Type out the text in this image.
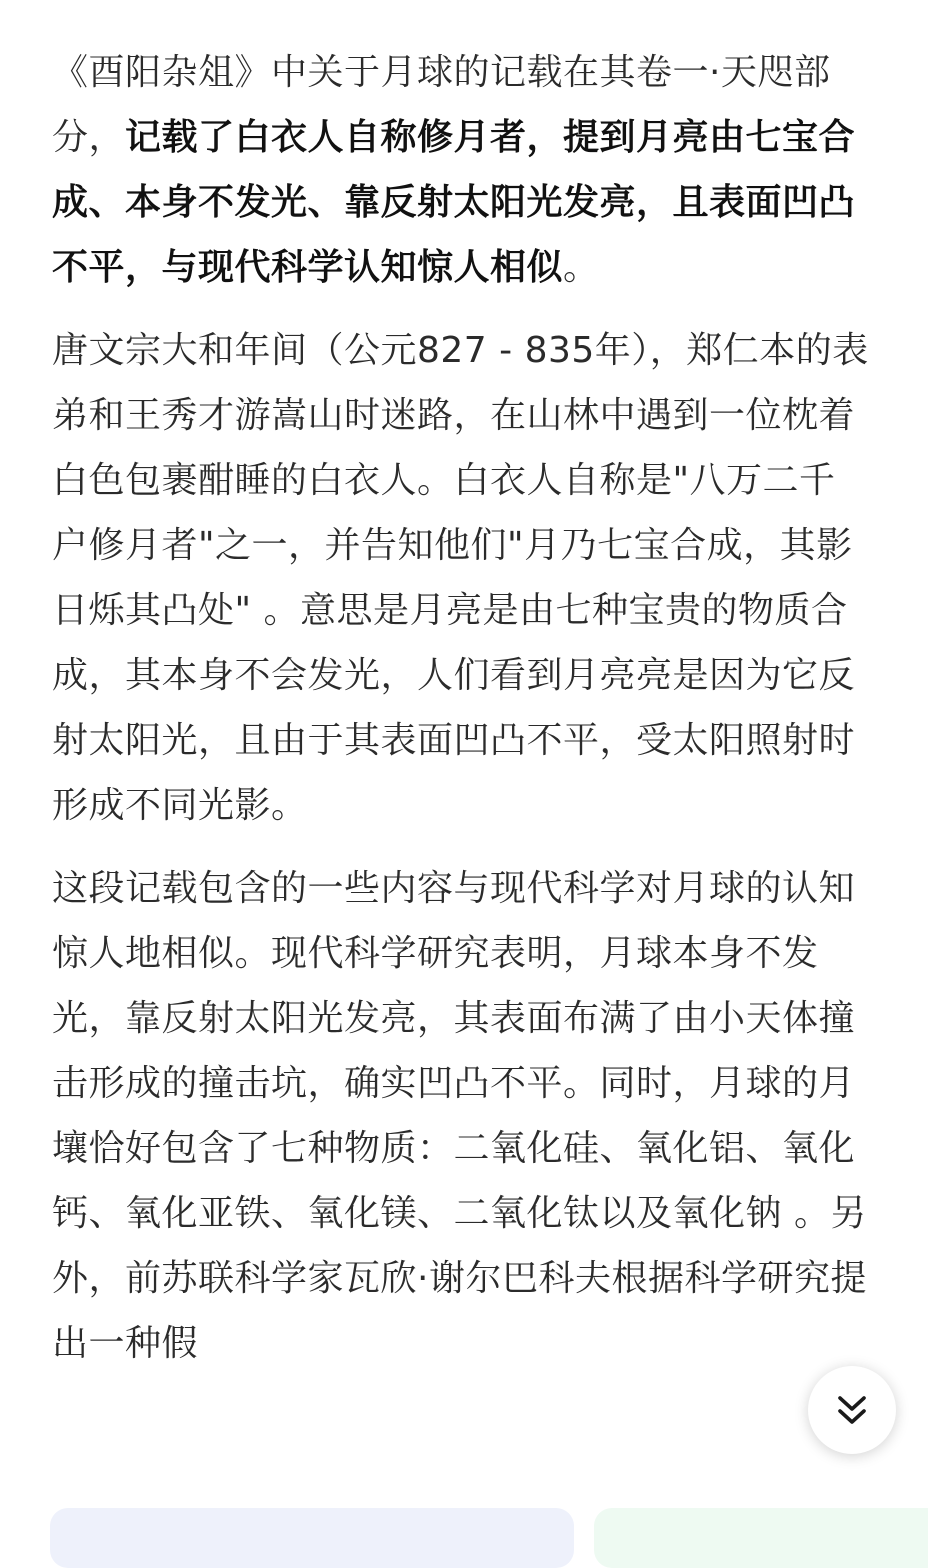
《酉阳杂俎》中关于月球的记载在其卷一·天咫部分，记载了白衣人自称修月者，提到月亮由七宝合成、本身不发光、靠反射太阳光发亮，且表面凹凸不平，与现代科学认知惊人相似。

唐文宗大和年间（公元827 - 835年），郑仁本的表弟和王秀才游嵩山时迷路，在山林中遇到一位枕着白色包裹酣睡的白衣人。白衣人自称是"八万二千户修月者"之一，并告知他们"月乃七宝合成，其影日烁其凸处" 。意思是月亮是由七种宝贵的物质合成，其本身不会发光，人们看到月亮亮是因为它反射太阳光，且由于其表面凹凸不平，受太阳照射时形成不同光影。

这段记载包含的一些内容与现代科学对月球的认知惊人地相似。现代科学研究表明，月球本身不发光，靠反射太阳光发亮，其表面布满了由小天体撞击形成的撞击坑，确实凹凸不平。同时，月球的月壤恰好包含了七种物质：二氧化硅、氧化铝、氧化钙、氧化亚铁、氧化镁、二氧化钛以及氧化钠 。另外，前苏联科学家瓦欣·谢尔巴科夫根据科学研究提出一种假
